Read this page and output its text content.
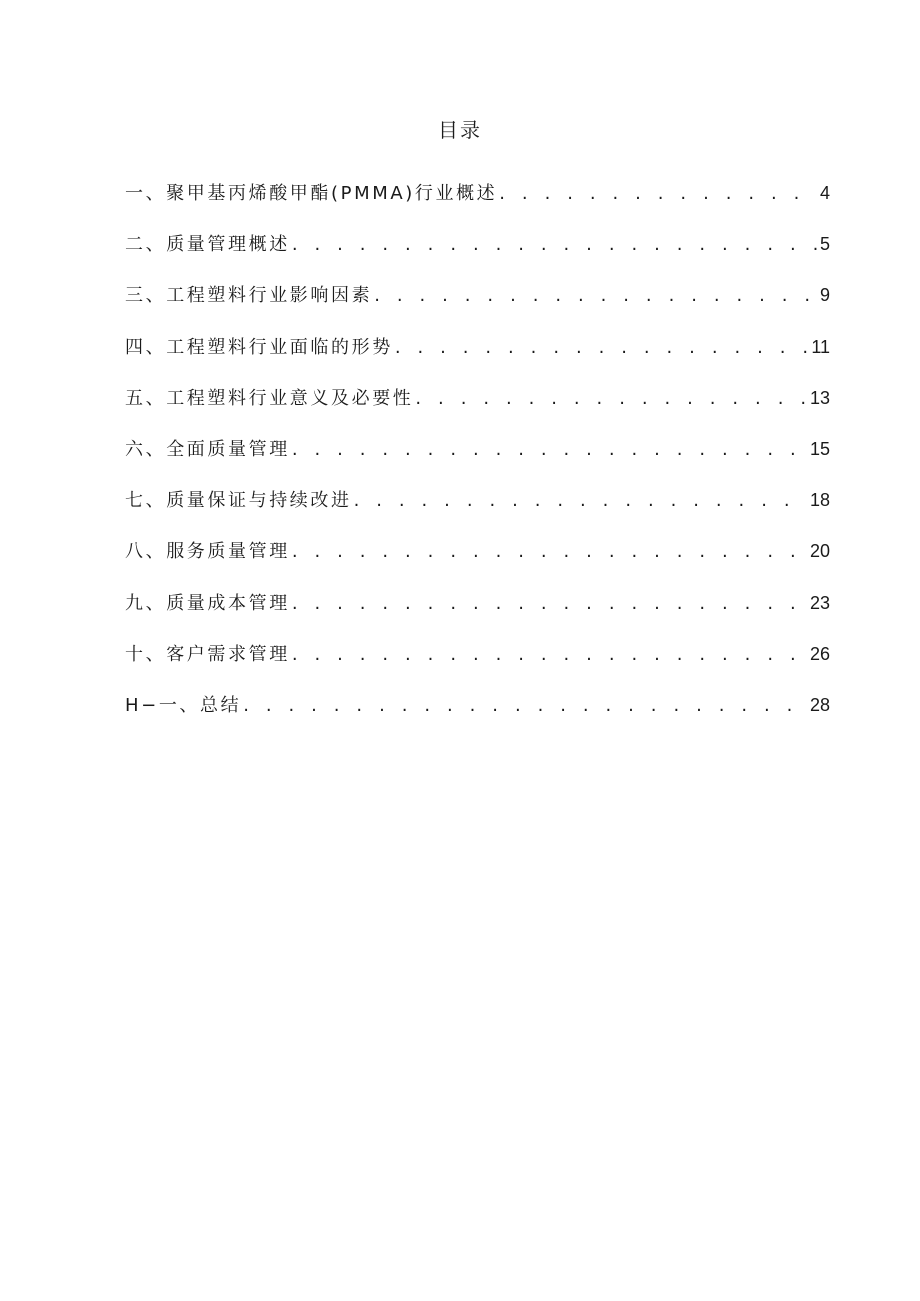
目录
一、聚甲基丙烯酸甲酯(PMMA)行业概述 . . .	4
二、质量管理概述 . . .	5
三、工程塑料行业影响因素 . . .	9
四、工程塑料行业面临的形势 . . .	11
五、工程塑料行业意义及必要性 . . .	13
六、全面质量管理 . . .	15
七、质量保证与持续改进 . . .	18
八、服务质量管理 . . .	20
九、质量成本管理 . . .	23
十、客户需求管理 . . .	26
H−一、总结 . . .	28
